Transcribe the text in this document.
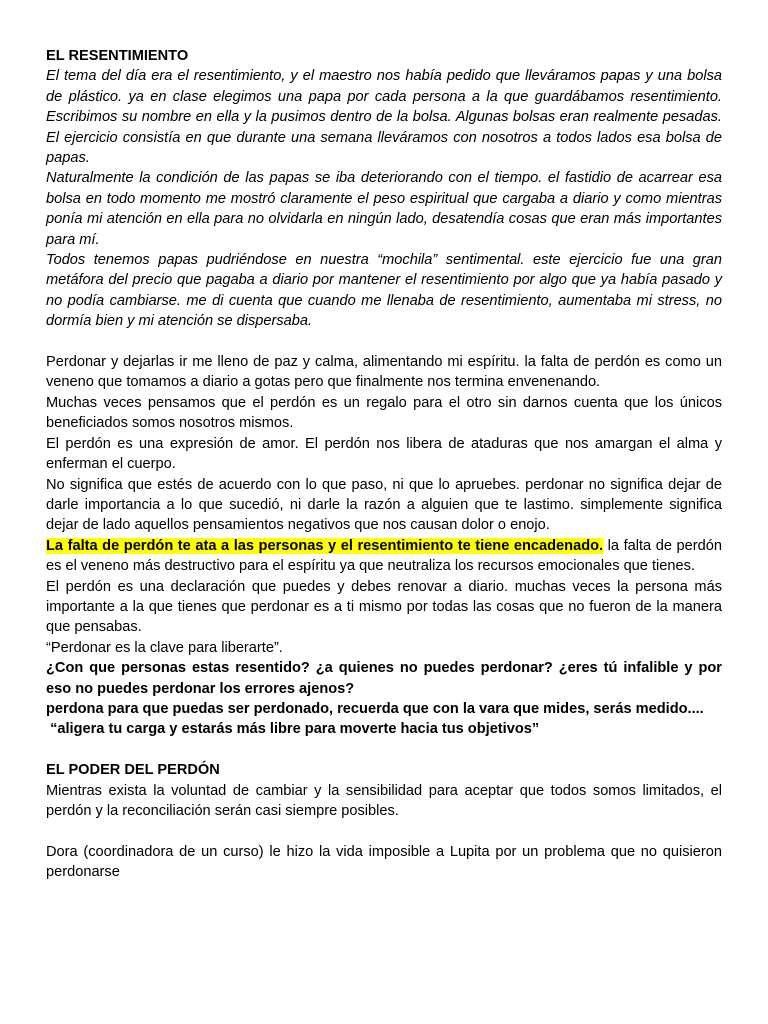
EL RESENTIMIENTO

El tema del día era el resentimiento, y el maestro nos había pedido que lleváramos papas y una bolsa de plástico. ya en clase elegimos una papa por cada persona a la que guardábamos resentimiento. Escribimos su nombre en ella y la pusimos dentro de la bolsa. Algunas bolsas eran realmente pesadas. El ejercicio consistía en que durante una semana lleváramos con nosotros a todos lados esa bolsa de papas.

Naturalmente la condición de las papas se iba deteriorando con el tiempo. el fastidio de acarrear esa bolsa en todo momento me mostró claramente el peso espiritual que cargaba a diario y como mientras ponía mi atención en ella para no olvidarla en ningún lado, desatendía cosas que eran más importantes para mí.

Todos tenemos papas pudriéndose en nuestra “mochila” sentimental. este ejercicio fue una gran metáfora del precio que pagaba a diario por mantener el resentimiento por algo que ya había pasado y no podía cambiarse. me di cuenta que cuando me llenaba de resentimiento, aumentaba mi stress, no dormía bien y mi atención se dispersaba.

Perdonar y dejarlas ir me lleno de paz y calma, alimentando mi espíritu. la falta de perdón es como un veneno que tomamos a diario a gotas pero que finalmente nos termina envenenando.

Muchas veces pensamos que el perdón es un regalo para el otro sin darnos cuenta que los únicos beneficiados somos nosotros mismos.

El perdón es una expresión de amor. El perdón nos libera de ataduras que nos amargan el alma y enferman el cuerpo.

No significa que estés de acuerdo con lo que paso, ni que lo apruebes. perdonar no significa dejar de darle importancia a lo que sucedió, ni darle la razón a alguien que te lastimo. simplemente significa dejar de lado aquellos pensamientos negativos que nos causan dolor o enojo.

La falta de perdón te ata a las personas y el resentimiento te tiene encadenado. la falta de perdón es el veneno más destructivo para el espíritu ya que neutraliza los recursos emocionales que tienes.

El perdón es una declaración que puedes y debes renovar a diario. muchas veces la persona más importante a la que tienes que perdonar es a ti mismo por todas las cosas que no fueron de la manera que pensabas.

“Perdonar es la clave para liberarte”.

¿Con que personas estas resentido? ¿a quienes no puedes perdonar? ¿eres tú infalible y por eso no puedes perdonar los errores ajenos?

perdona para que puedas ser perdonado, recuerda que con la vara que mides, serás medido....

“aligera tu carga y estarás más libre para moverte hacia tus objetivos”

EL PODER DEL PERDÓN

Mientras exista la voluntad de cambiar y la sensibilidad para aceptar que todos somos limitados, el perdón y la reconciliación serán casi siempre posibles.

Dora (coordinadora de un curso) le hizo la vida imposible a Lupita por un problema que no quisieron perdonarse
